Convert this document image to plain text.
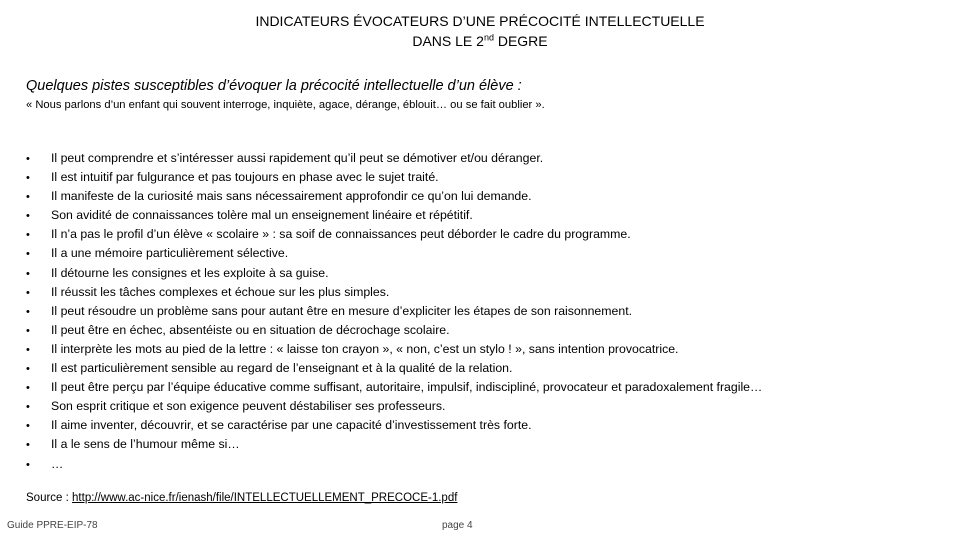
INDICATEURS ÉVOCATEURS D’UNE PRÉCOCITÉ INTELLECTUELLE
DANS LE 2nd DEGRE
Quelques pistes susceptibles d’évoquer la précocité intellectuelle d’un élève :
« Nous parlons d’un enfant qui souvent interroge, inquiète, agace, dérange, éblouit… ou se fait oublier ».
• Il peut comprendre et s’intéresser aussi rapidement qu’il peut se démotiver et/ou déranger.
• Il est intuitif par fulgurance et pas toujours en phase avec le sujet traité.
• Il manifeste de la curiosité mais sans nécessairement approfondir ce qu’on lui demande.
• Son avidité de connaissances tolère mal un enseignement linéaire et répétitif.
• Il n’a pas le profil d’un élève « scolaire » : sa soif de connaissances peut déborder le cadre du programme.
• Il a une mémoire particulièrement sélective.
• Il détourne les consignes et les exploite à sa guise.
• Il réussit les tâches complexes et échoue sur les plus simples.
• Il peut résoudre un problème sans pour autant être en mesure d’expliciter les étapes de son raisonnement.
• Il peut être en échec, absentéiste ou en situation de décrochage scolaire.
• Il interprète les mots au pied de la lettre : « laisse ton crayon », « non, c’est un stylo ! », sans intention provocatrice.
• Il est particulièrement sensible au regard de l’enseignant et à la qualité de la relation.
• Il peut être perçu par l’équipe éducative comme suffisant, autoritaire, impulsif, indiscipliné, provocateur et paradoxalement fragile…
• Son esprit critique et son exigence peuvent déstabiliser ses professeurs.
• Il aime inventer, découvrir, et se caractérise par une capacité d’investissement très forte.
• Il a le sens de l’humour même si…
• …
Source : http://www.ac-nice.fr/ienash/file/INTELLECTUELLEMENT_PRECOCE-1.pdf
Guide PPRE-EIP-78	page 4
